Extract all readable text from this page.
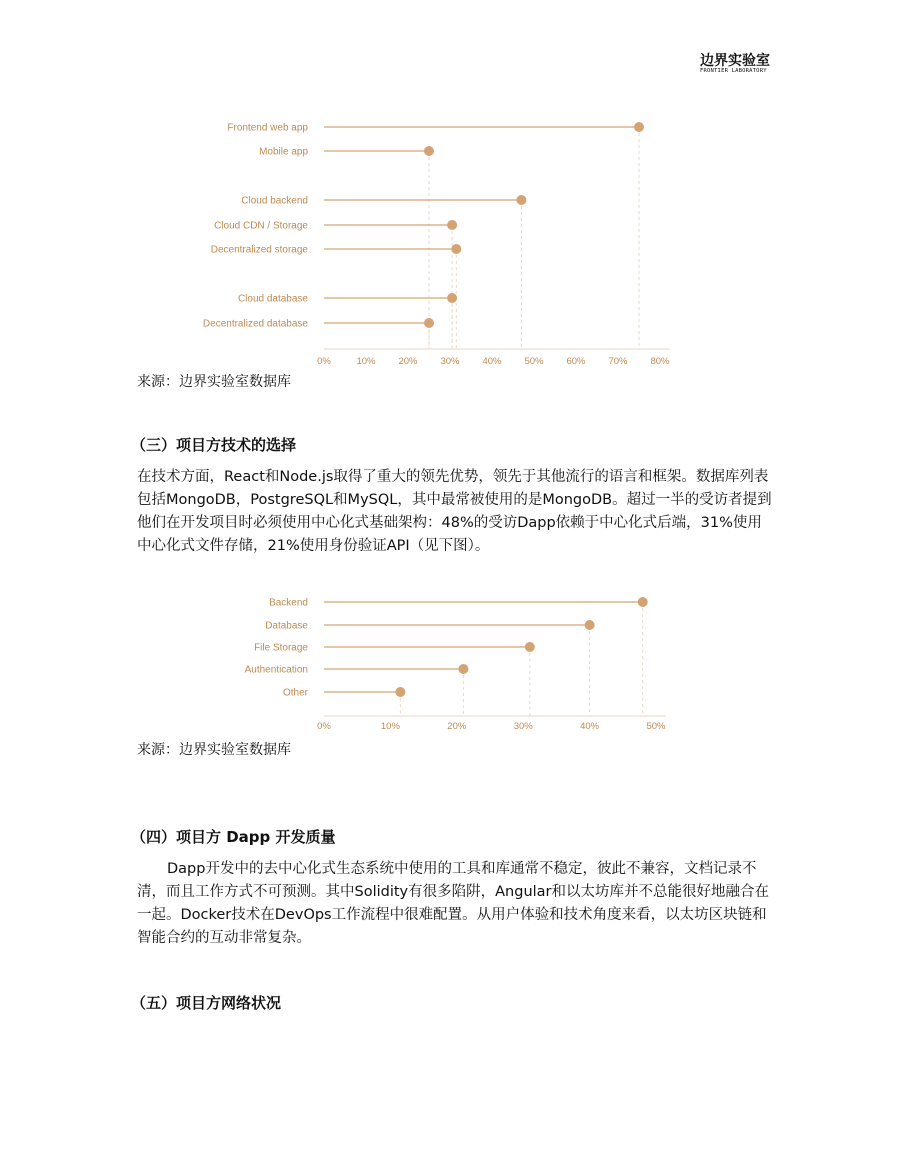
边界实验室
FRONTIER LABORATORY
0%	10% 20% 30% 40% 50% 60% 70% 80%
Frontend web app
Mobile app
Cloud backend
Cloud CDN / Storage
Decentralized storage
Cloud database
Decentralized database
来源：边界实验室数据库
（三）项目方技术的选择

在技术方面，React和Node.js取得了重大的领先优势，领先于其他流行的语言和框架。数据库列表包括MongoDB，PostgreSQL和MySQL，其中最常被使用的是MongoDB。超过一半的受访者提到他们在开发项目时必须使用中心化式基础架构：48%的受访Dapp依赖于中心化式后端，31%使用中心化式文件存储，21%使用身份验证API（见下图）。

0%	10%	20%	30%	40%	50%
Backend
Database
File Storage
Authentication
Other
来源：边界实验室数据库
（四）项目方 Dapp 开发质量

Dapp开发中的去中心化式生态系统中使用的工具和库通常不稳定，彼此不兼容，文档记录不清，而且工作方式不可预测。其中Solidity有很多陷阱，Angular和以太坊库并不总能很好地融合在一起。Docker技术在DevOps工作流程中很难配置。从用户体验和技术角度来看，以太坊区块链和智能合约的互动非常复杂。

（五）项目方网络状况
